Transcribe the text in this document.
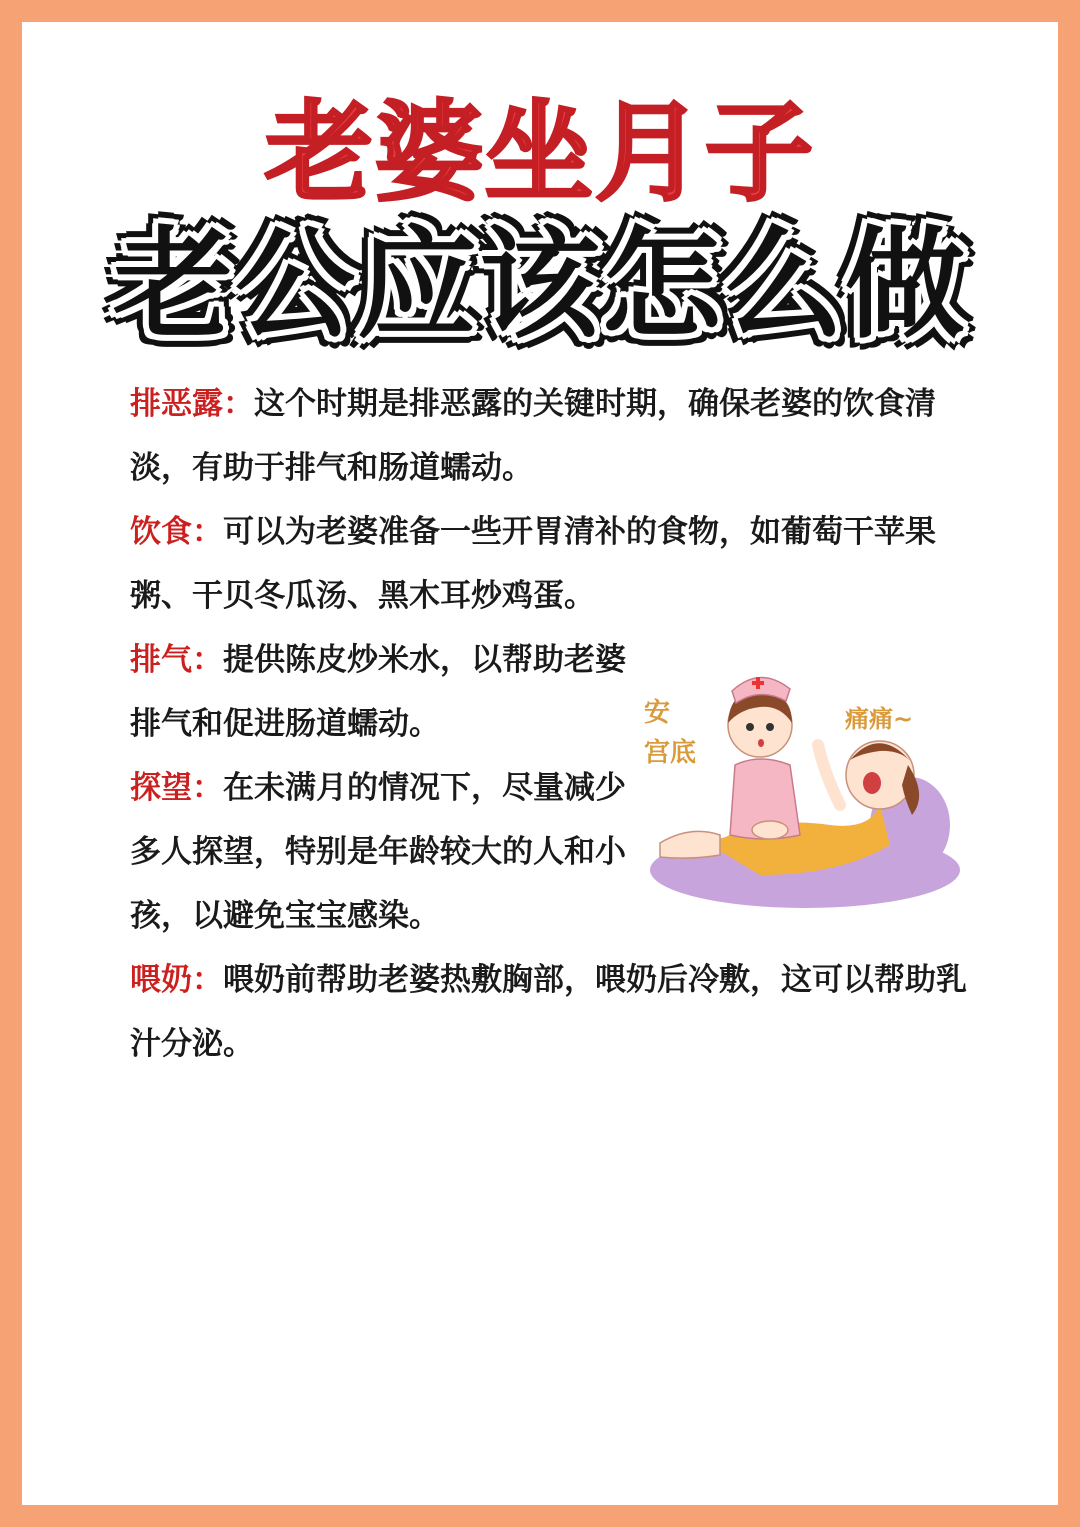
老婆坐月子
老公应该怎么做

排恶露：这个时期是排恶露的关键时期，确保老婆的饮食清淡，有助于排气和肠道蠕动。

饮食：可以为老婆准备一些开胃清补的食物，如葡萄干苹果粥、干贝冬瓜汤、黑木耳炒鸡蛋。

排气：提供陈皮炒米水，以帮助老婆排气和促进肠道蠕动。

探望：在未满月的情况下，尽量减少多人探望，特别是年龄较大的人和小孩，以避免宝宝感染。

喂奶：喂奶前帮助老婆热敷胸部，喂奶后冷敷，这可以帮助乳汁分泌。

安
宫底
痛痛~
